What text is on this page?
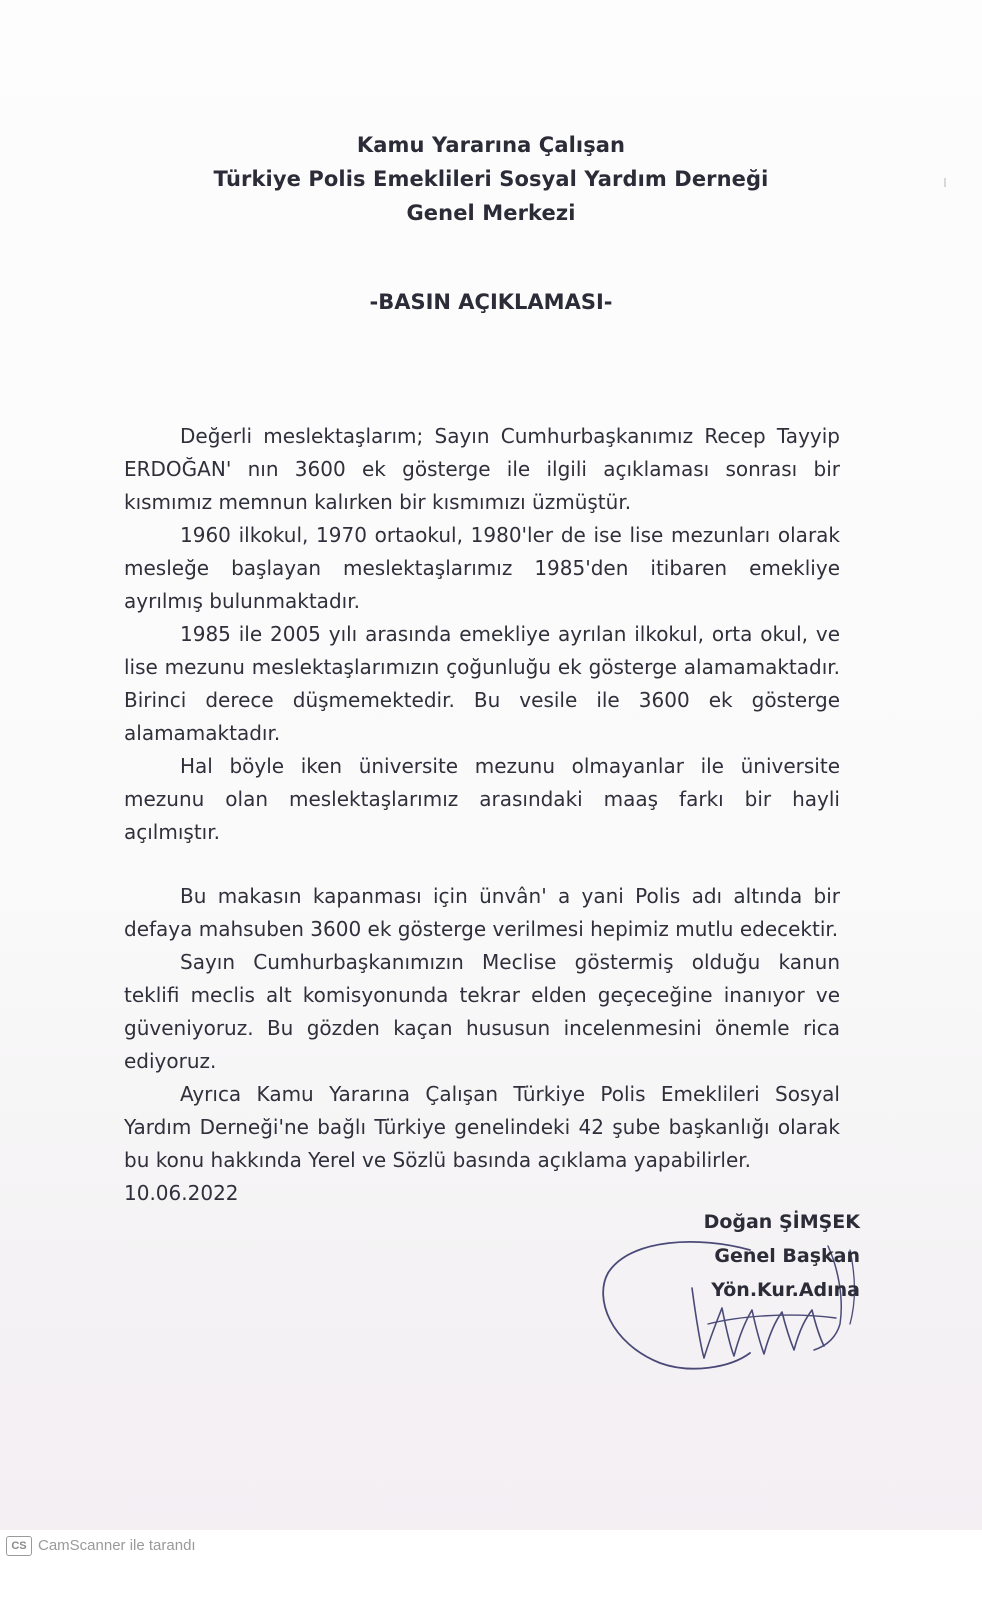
Kamu Yararına Çalışan
Türkiye Polis Emeklileri Sosyal Yardım Derneği
Genel Merkezi
-BASIN AÇIKLAMASI-

Değerli meslektaşlarım; Sayın Cumhurbaşkanımız Recep Tayyip ERDOĞAN' nın 3600 ek gösterge ile ilgili açıklaması sonrası bir kısmımız memnun kalırken bir kısmımızı üzmüştür.

1960 ilkokul, 1970 ortaokul, 1980'ler de ise lise mezunları olarak mesleğe başlayan meslektaşlarımız 1985'den itibaren emekliye ayrılmış bulunmaktadır.

1985 ile 2005 yılı arasında emekliye ayrılan ilkokul, orta okul, ve lise mezunu meslektaşlarımızın çoğunluğu ek gösterge alamamaktadır. Birinci derece düşmemektedir. Bu vesile ile 3600 ek gösterge alamamaktadır.

Hal böyle iken üniversite mezunu olmayanlar ile üniversite mezunu olan meslektaşlarımız arasındaki maaş farkı bir hayli açılmıştır.

Bu makasın kapanması için ünvân' a yani Polis adı altında bir defaya mahsuben 3600 ek gösterge verilmesi hepimiz mutlu edecektir.

Sayın Cumhurbaşkanımızın Meclise göstermiş olduğu kanun teklifi meclis alt komisyonunda tekrar elden geçeceğine inanıyor ve güveniyoruz. Bu gözden kaçan hususun incelenmesini önemle rica ediyoruz.

Ayrıca Kamu Yararına Çalışan Türkiye Polis Emeklileri Sosyal Yardım Derneği'ne bağlı Türkiye genelindeki 42 şube başkanlığı olarak bu konu hakkında Yerel ve Sözlü basında açıklama yapabilirler.

10.06.2022

Doğan ŞİMŞEK
Genel Başkan
Yön.Kur.Adına
CS CamScanner ile tarandı
